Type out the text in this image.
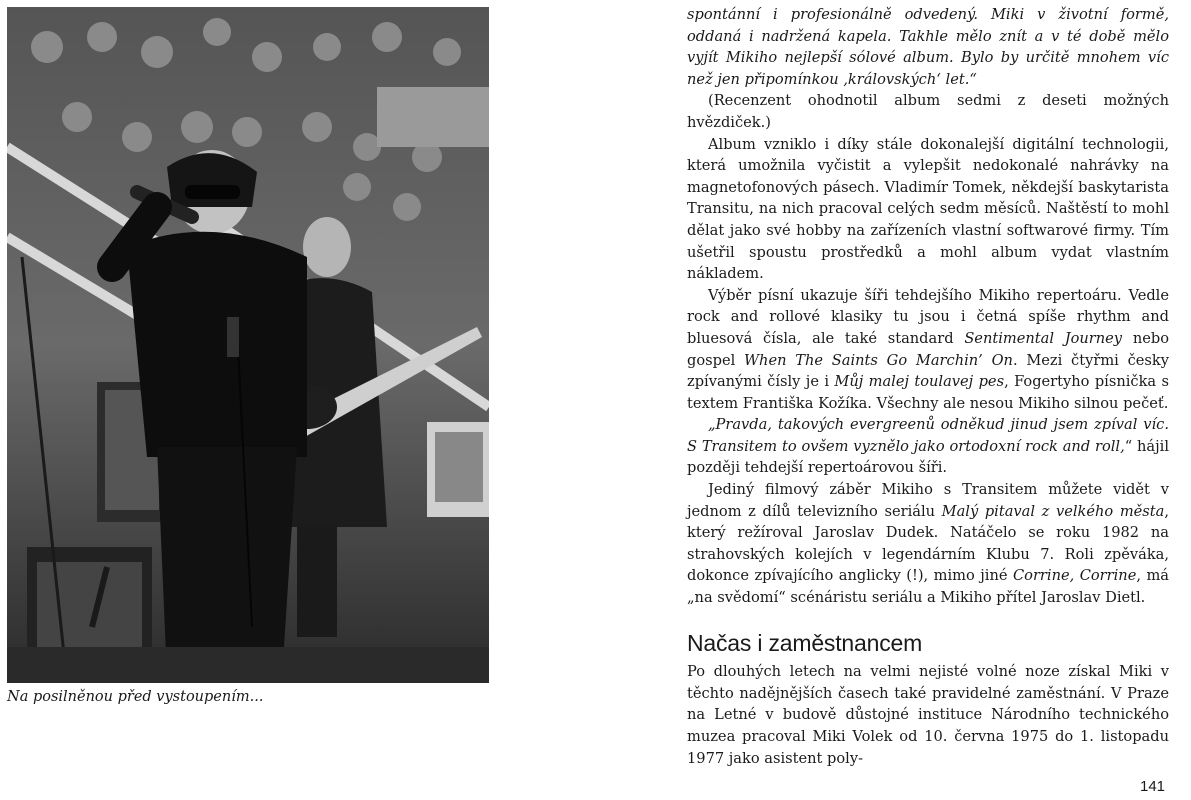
Na posilněnou před vystoupením...

spontánní i profesionálně odvedený. Miki v životní formě, oddaná i nadržená kapela. Takhle mělo znít a v té době mělo vyjít Mikiho nejlepší sólové album. Bylo by určitě mnohem víc než jen připomínkou ‚královských‘ let.“

(Recenzent ohodnotil album sedmi z deseti možných hvězdiček.)

Album vzniklo i díky stále dokonalejší digitální technologii, která umožnila vyčistit a vylepšit nedokonalé nahrávky na magnetofonových pásech. Vladimír Tomek, někdejší baskytarista Transitu, na nich pracoval celých sedm měsíců. Naštěstí to mohl dělat jako své hobby na zařízeních vlastní softwarové firmy. Tím ušetřil spoustu prostředků a mohl album vydat vlastním nákladem.

Výběr písní ukazuje šíři tehdejšího Mikiho repertoáru. Vedle rock and rollové klasiky tu jsou i četná spíše rhythm and bluesová čísla, ale také standard Sentimental Journey nebo gospel When The Saints Go Marchin’ On. Mezi čtyřmi česky zpívanými čísly je i Můj malej toulavej pes, Fogertyho písnička s textem Františka Kožíka. Všechny ale nesou Mikiho silnou pečeť.

„Pravda, takových evergreenů odněkud jinud jsem zpíval víc. S Transitem to ovšem vyznělo jako ortodoxní rock and roll,“ hájil později tehdejší repertoárovou šíři.

Jediný filmový záběr Mikiho s Transitem můžete vidět v jednom z dílů televizního seriálu Malý pitaval z velkého města, který režíroval Jaroslav Dudek. Natáčelo se roku 1982 na strahovských kolejích v legendárním Klubu 7. Roli zpěváka, dokonce zpívajícího anglicky (!), mimo jiné Corrine, Corrine, má „na svědomí“ scénáristu seriálu a Mikiho přítel Jaroslav Dietl.

Načas i zaměstnancem

Po dlouhých letech na velmi nejisté volné noze získal Miki v těchto nadějnějších časech také pravidelné zaměstnání. V Praze na Letné v budově důstojné instituce Národního technického muzea pracoval Miki Volek od 10. června 1975 do 1. listopadu 1977 jako asistent poly-

141
